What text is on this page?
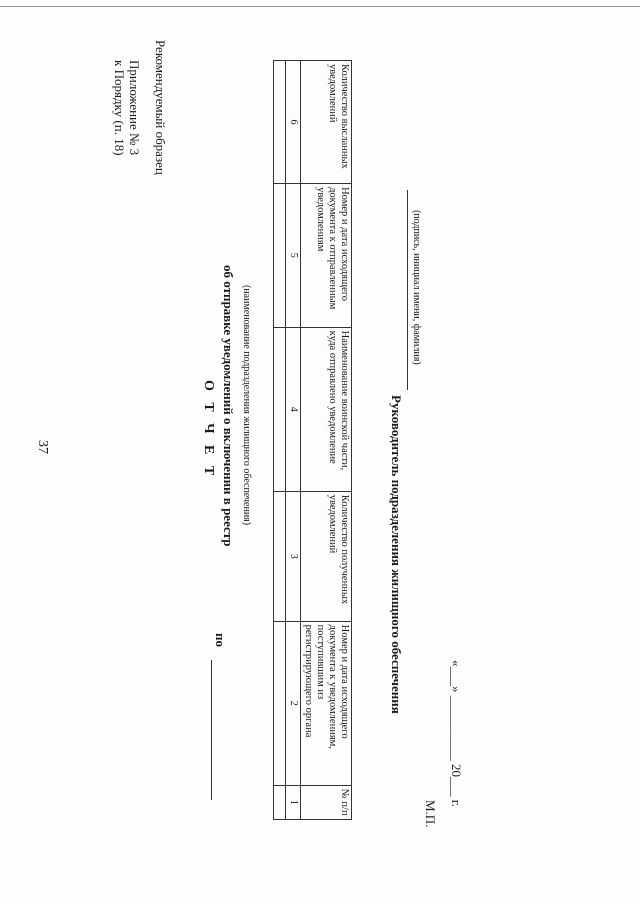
37
Приложение № 3
к Порядку (п. 18) Рекомендуемый образец
О Т Ч Е Т об отправке уведомлений о включении в реестр
по
(наименование подразделения жилищного обеспечения)
Количество высланных уведомлений	Номер и дата исходящего документа к отправленным уведомлениям	Наименование воинской части, куда отправлено уведомление	Количество полученных уведомлений	Номер и дата исходящего документа к уведомлениям, поступившим из регистрирующего органа	№ п/п
6	5	4	3	2	1

Руководитель подразделения жилищного обеспечения
(подпись, инициал имени, фамилия)
М.П.
«___» __________ 20___ г.
